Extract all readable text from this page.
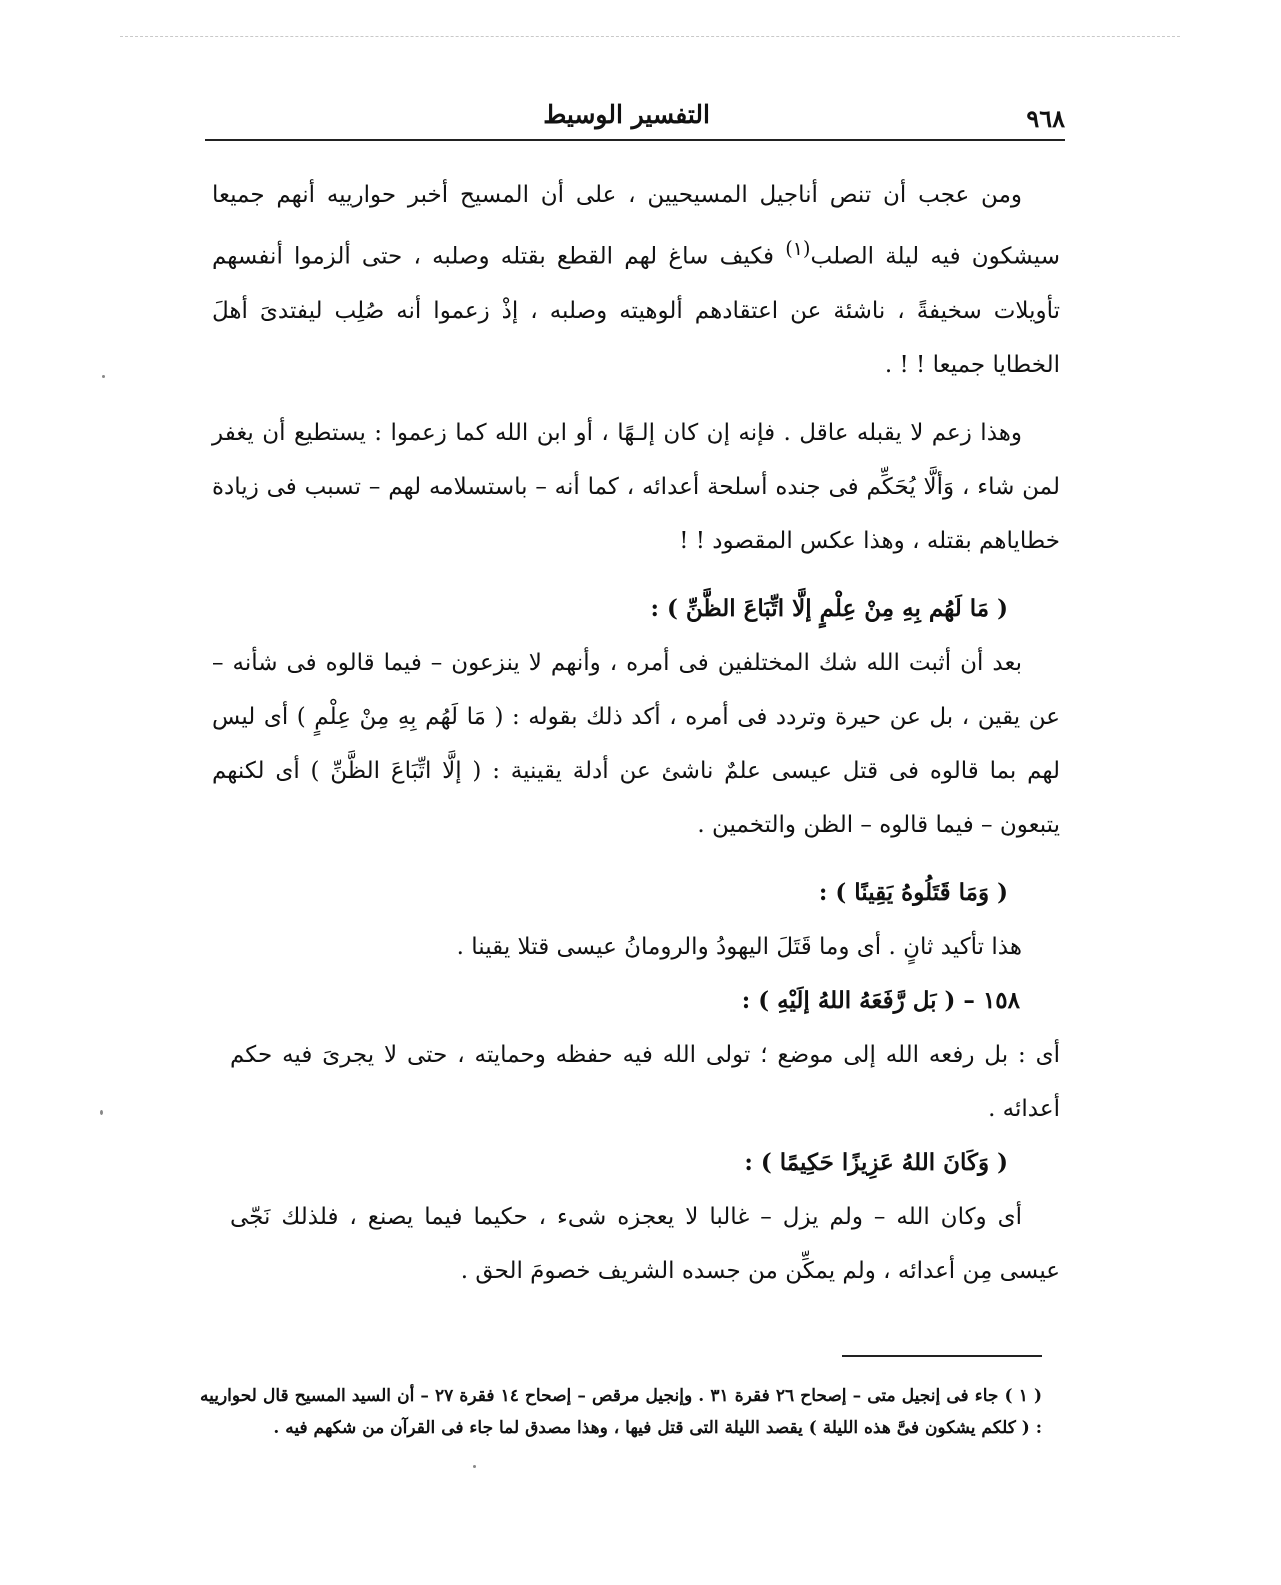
٩٦٨
التفسير الوسيط

ومن عجب أن تنص أناجيل المسيحيين ، على أن المسيح أخبر حوارييه أنهم جميعا سيشكون فيه ليلة الصلب$^{(١)}$ فكيف ساغ لهم القطع بقتله وصلبه ، حتى ألزموا أنفسهم تأويلات سخيفةً ، ناشئة عن اعتقادهم ألوهيته وصلبه ، إذْ زعموا أنه صُلِب ليفتدىَ أهلَ الخطايا جميعا ! ! .

وهذا زعم لا يقبله عاقل . فإنه إن كان إلـهًا ، أو ابن الله كما زعموا : يستطيع أن يغفر لمن شاء ، وَألَّا يُحَكِّم فى جنده أسلحة أعدائه ، كما أنه – باستسلامه لهم – تسبب فى زيادة خطاياهم بقتله ، وهذا عكس المقصود ! !

( مَا لَهُم بِهِ مِنْ عِلْمٍ إلَّا اتِّبَاعَ الظَّنِّ ) :

بعد أن أثبت الله شك المختلفين فى أمره ، وأنهم لا ينزعون – فيما قالوه فى شأنه – عن يقين ، بل عن حيرة وتردد فى أمره ، أكد ذلك بقوله : ( مَا لَهُم بِهِ مِنْ عِلْمٍ ) أى ليس لهم بما قالوه فى قتل عيسى علمٌ ناشئ عن أدلة يقينية : ( إلَّا اتِّبَاعَ الظَّنِّ ) أى لكنهم يتبعون – فيما قالوه – الظن والتخمين .

( وَمَا قَتَلُوهُ يَقِينًا ) :

هذا تأكيد ثانٍ . أى وما قَتَلَ اليهودُ والرومانُ عيسى قتلا يقينا .

١٥٨ – ( بَل رَّفَعَهُ اللهُ إلَيْهِ ) :

أى : بل رفعه الله إلى موضع ؛ تولى الله فيه حفظه وحمايته ، حتى لا يجرىَ فيه حكم أعدائه .

( وَكَانَ اللهُ عَزِيزًا حَكِيمًا ) :

أى وكان الله – ولم يزل – غالبا لا يعجزه شىء ، حكيما فيما يصنع ، فلذلك نَجّى عيسى مِن أعدائه ، ولم يمكِّن من جسده الشريف خصومَ الحق .

( ١ ) جاء فى إنجيل متى – إصحاح ٢٦ فقرة ٣١ . وإنجيل مرقص – إصحاح ١٤ فقرة ٢٧ – أن السيد المسيح قال لحوارييه : ( كلكم يشكون فىَّ هذه الليلة ) يقصد الليلة التى قتل فيها ، وهذا مصدق لما جاء فى القرآن من شكهم فيه .
